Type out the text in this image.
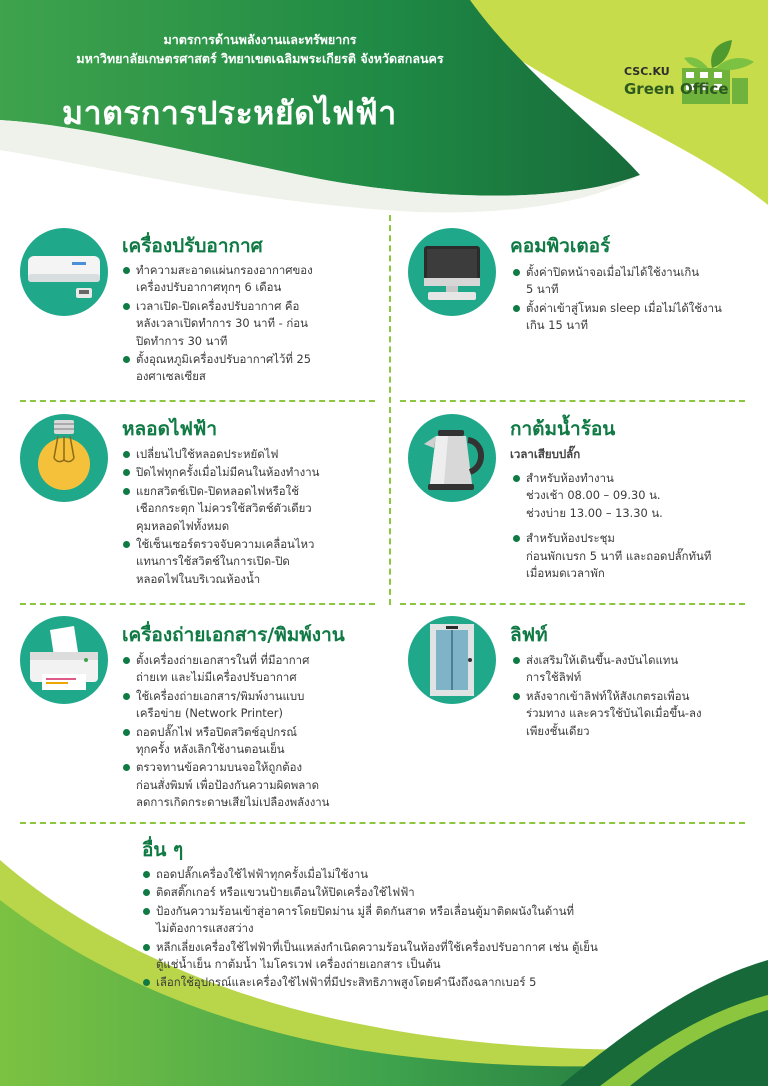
มาตรการด้านพลังงานและทรัพยากร
มหาวิทยาลัยเกษตรศาสตร์ วิทยาเขตเฉลิมพระเกียรติ จังหวัดสกลนคร
มาตรการประหยัดไฟฟ้า
CSC.KU
Green Office
เครื่องปรับอากาศ
ทำความสะอาดแผ่นกรองอากาศของ
เครื่องปรับอากาศทุกๆ 6 เดือน
เวลาเปิด-ปิดเครื่องปรับอากาศ คือ
หลังเวลาเปิดทำการ 30 นาที - ก่อน
ปิดทำการ 30 นาที
ตั้งอุณหภูมิเครื่องปรับอากาศไว้ที่ 25
องศาเซลเซียส
คอมพิวเตอร์
ตั้งค่าปิดหน้าจอเมื่อไม่ได้ใช้งานเกิน
5 นาที
ตั้งค่าเข้าสู่โหมด sleep เมื่อไม่ได้ใช้งาน
เกิน 15 นาที
หลอดไฟฟ้า
เปลี่ยนไปใช้หลอดประหยัดไฟ
ปิดไฟทุกครั้งเมื่อไม่มีคนในห้องทำงาน
แยกสวิตช์เปิด-ปิดหลอดไฟหรือใช้
เชือกกระตุก ไม่ควรใช้สวิตช์ตัวเดียว
คุมหลอดไฟทั้งหมด
ใช้เซ็นเซอร์ตรวจจับความเคลื่อนไหว
แทนการใช้สวิตช์ในการเปิด-ปิด
หลอดไฟในบริเวณห้องน้ำ
กาต้มน้ำร้อน
เวลาเสียบปลั๊ก
สำหรับห้องทำงาน
ช่วงเช้า 08.00 – 09.30 น.
ช่วงบ่าย 13.00 – 13.30 น.
สำหรับห้องประชุม
ก่อนพักเบรก 5 นาที และถอดปลั๊กทันที
เมื่อหมดเวลาพัก
เครื่องถ่ายเอกสาร/พิมพ์งาน
ตั้งเครื่องถ่ายเอกสารในที่ ที่มีอากาศ
ถ่ายเท และไม่มีเครื่องปรับอากาศ
ใช้เครื่องถ่ายเอกสาร/พิมพ์งานแบบ
เครือข่าย (Network Printer)
ถอดปลั๊กไฟ หรือปิดสวิตช์อุปกรณ์
ทุกครั้ง หลังเลิกใช้งานตอนเย็น
ตรวจทานข้อความบนจอให้ถูกต้อง
ก่อนสั่งพิมพ์ เพื่อป้องกันความผิดพลาด
ลดการเกิดกระดาษเสียไม่เปลืองพลังงาน
ลิฟท์
ส่งเสริมให้เดินขึ้น-ลงบันไดแทน
การใช้ลิฟท์
หลังจากเข้าลิฟท์ให้สังเกตรอเพื่อน
ร่วมทาง และควรใช้บันไดเมื่อขึ้น-ลง
เพียงชั้นเดียว
อื่น ๆ
ถอดปลั๊กเครื่องใช้ไฟฟ้าทุกครั้งเมื่อไม่ใช้งาน
ติดสติ๊กเกอร์ หรือแขวนป้ายเตือนให้ปิดเครื่องใช้ไฟฟ้า
ป้องกันความร้อนเข้าสู่อาคารโดยปิดม่าน มู่ลี่ ติดกันสาด หรือเลื่อนตู้มาติดผนังในด้านที่
ไม่ต้องการแสงสว่าง
หลีกเลี่ยงเครื่องใช้ไฟฟ้าที่เป็นแหล่งกำเนิดความร้อนในห้องที่ใช้เครื่องปรับอากาศ เช่น ตู้เย็น
ตู้แช่น้ำเย็น กาต้มน้ำ ไมโครเวฟ เครื่องถ่ายเอกสาร เป็นต้น
เลือกใช้อุปกรณ์และเครื่องใช้ไฟฟ้าที่มีประสิทธิภาพสูงโดยคำนึงถึงฉลากเบอร์ 5
